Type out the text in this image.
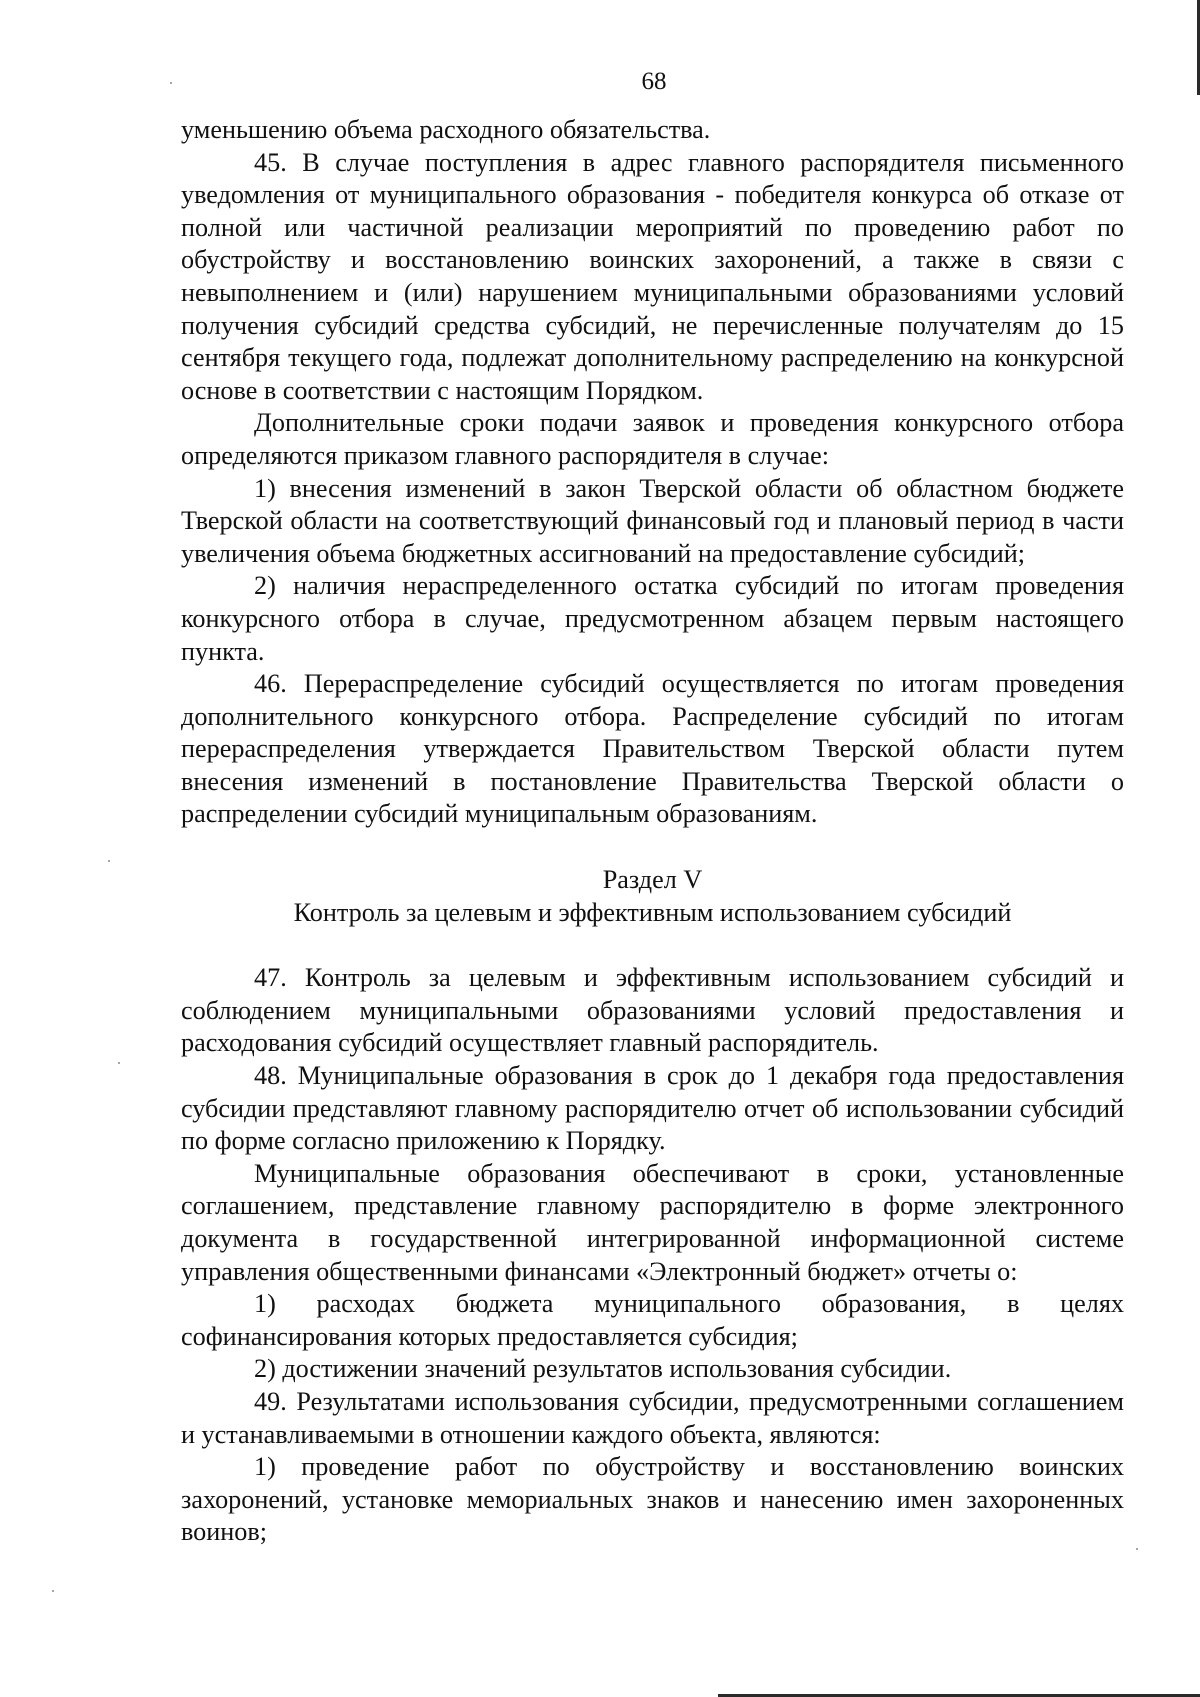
68

уменьшению объема расходного обязательства.

45. В случае поступления в адрес главного распорядителя письменного уведомления от муниципального образования - победителя конкурса об отказе от полной или частичной реализации мероприятий по проведению работ по обустройству и восстановлению воинских захоронений, а также в связи с невыполнением и (или) нарушением муниципальными образованиями условий получения субсидий средства субсидий, не перечисленные получателям до 15 сентября текущего года, подлежат дополнительному распределению на конкурсной основе в соответствии с настоящим Порядком.

Дополнительные сроки подачи заявок и проведения конкурсного отбора определяются приказом главного распорядителя в случае:

1) внесения изменений в закон Тверской области об областном бюджете Тверской области на соответствующий финансовый год и плановый период в части увеличения объема бюджетных ассигнований на предоставление субсидий;

2) наличия нераспределенного остатка субсидий по итогам проведения конкурсного отбора в случае, предусмотренном абзацем первым настоящего пункта.

46. Перераспределение субсидий осуществляется по итогам проведения дополнительного конкурсного отбора. Распределение субсидий по итогам перераспределения утверждается Правительством Тверской области путем внесения изменений в постановление Правительства Тверской области о распределении субсидий муниципальным образованиям.

Раздел V

Контроль за целевым и эффективным использованием субсидий

47. Контроль за целевым и эффективным использованием субсидий и соблюдением муниципальными образованиями условий предоставления и расходования субсидий осуществляет главный распорядитель.

48. Муниципальные образования в срок до 1 декабря года предоставления субсидии представляют главному распорядителю отчет об использовании субсидий по форме согласно приложению к Порядку.

Муниципальные образования обеспечивают в сроки, установленные соглашением, представление главному распорядителю в форме электронного документа в государственной интегрированной информационной системе управления общественными финансами «Электронный бюджет» отчеты о:

1) расходах бюджета муниципального образования, в целях софинансирования которых предоставляется субсидия;

2) достижении значений результатов использования субсидии.

49. Результатами использования субсидии, предусмотренными соглашением и устанавливаемыми в отношении каждого объекта, являются:

1) проведение работ по обустройству и восстановлению воинских захоронений, установке мемориальных знаков и нанесению имен захороненных воинов;
